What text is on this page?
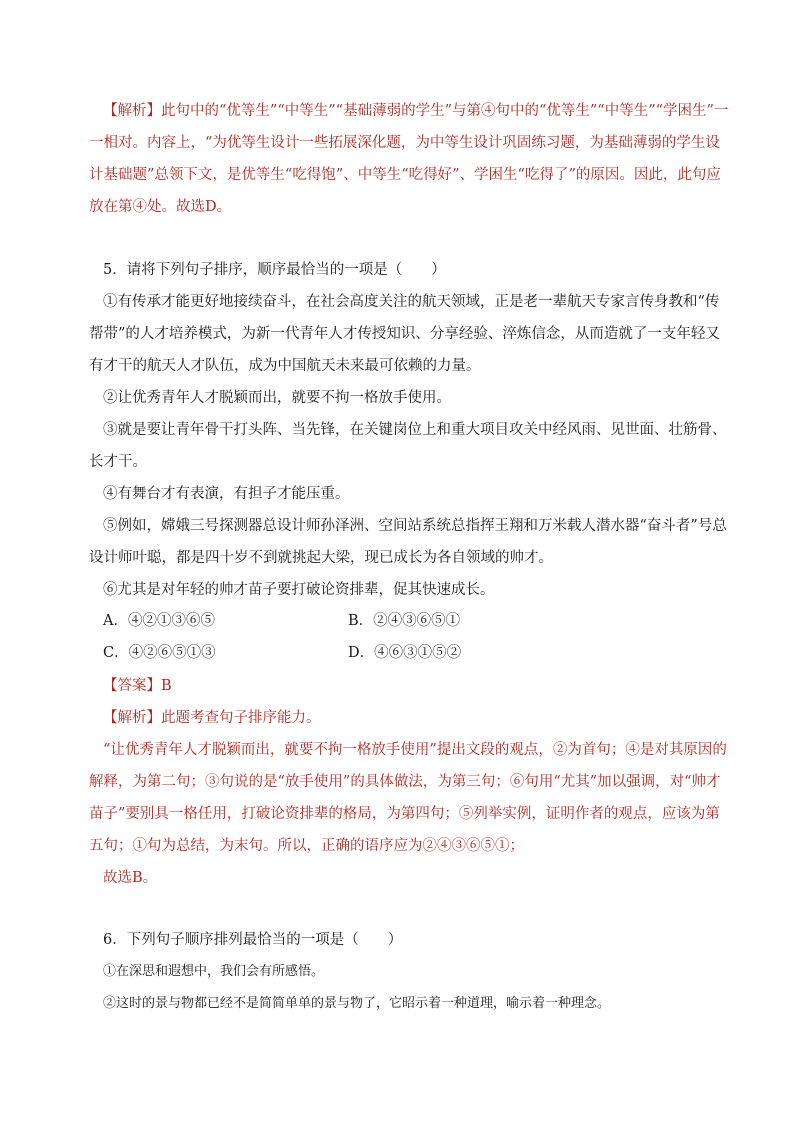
【解析】此句中的“优等生”“中等生”“基础薄弱的学生”与第④句中的“优等生”“中等生”“学困生”一一相对。内容上，“为优等生设计一些拓展深化题，为中等生设计巩固练习题，为基础薄弱的学生设计基础题”总领下文，是优等生“吃得饱”、中等生“吃得好”、学困生“吃得了”的原因。因此，此句应放在第④处。故选D。
5．请将下列句子排序，顺序最恰当的一项是（　　）
①有传承才能更好地接续奋斗，在社会高度关注的航天领域，正是老一辈航天专家言传身教和“传帮带”的人才培养模式，为新一代青年人才传授知识、分享经验、淬炼信念，从而造就了一支年轻又有才干的航天人才队伍，成为中国航天未来最可依赖的力量。
②让优秀青年人才脱颖而出，就要不拘一格放手使用。
③就是要让青年骨干打头阵、当先锋，在关键岗位上和重大项目攻关中经风雨、见世面、壮筋骨、长才干。
④有舞台才有表演，有担子才能压重。
⑤例如，嫦娥三号探测器总设计师孙泽洲、空间站系统总指挥王翔和万米载人潜水器“奋斗者”号总设计师叶聪，都是四十岁不到就挑起大梁，现已成长为各自领域的帅才。
⑥尤其是对年轻的帅才苗子要打破论资排辈，促其快速成长。
A．④②①③⑥⑤	B．②④③⑥⑤①
C．④②⑥⑤①③	D．④⑥③①⑤②
【答案】B
【解析】此题考查句子排序能力。
“让优秀青年人才脱颖而出，就要不拘一格放手使用”提出文段的观点，②为首句；④是对其原因的解释，为第二句；③句说的是“放手使用”的具体做法，为第三句；⑥句用“尤其”加以强调，对“帅才苗子”要别具一格任用，打破论资排辈的格局，为第四句；⑤列举实例，证明作者的观点，应该为第五句；①句为总结，为末句。所以，正确的语序应为②④③⑥⑤①；
故选B。
6．下列句子顺序排列最恰当的一项是（　　）
①在深思和遐想中，我们会有所感悟。
②这时的景与物都已经不是简简单单的景与物了，它昭示着一种道理，喻示着一种理念。
